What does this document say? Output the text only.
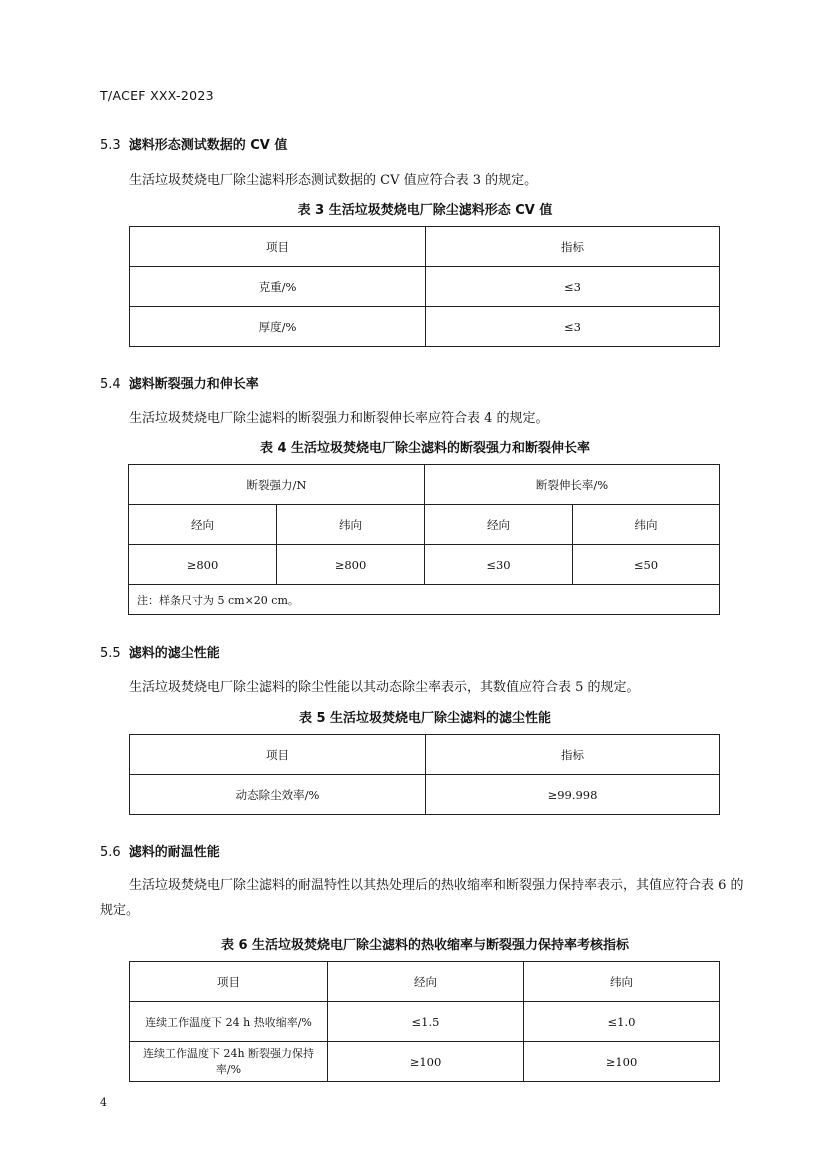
T/ACEF XXX-2023
5.3 滤料形态测试数据的 CV 值
生活垃圾焚烧电厂除尘滤料形态测试数据的 CV 值应符合表 3 的规定。
表 3 生活垃圾焚烧电厂除尘滤料形态 CV 值
项目	指标
克重/%	≤3
厚度/%	≤3
5.4 滤料断裂强力和伸长率
生活垃圾焚烧电厂除尘滤料的断裂强力和断裂伸长率应符合表 4 的规定。
表 4 生活垃圾焚烧电厂除尘滤料的断裂强力和断裂伸长率
断裂强力/N		断裂伸长率/%	
经向	纬向	经向	纬向
≥800	≥800	≤30	≤50
注：样条尺寸为 5 cm×20 cm。			
5.5 滤料的滤尘性能
生活垃圾焚烧电厂除尘滤料的除尘性能以其动态除尘率表示，其数值应符合表 5 的规定。
表 5 生活垃圾焚烧电厂除尘滤料的滤尘性能
项目	指标
动态除尘效率/%	≥99.998
5.6 滤料的耐温性能
生活垃圾焚烧电厂除尘滤料的耐温特性以其热处理后的热收缩率和断裂强力保持率表示，其值应符合表 6 的规定。
表 6 生活垃圾焚烧电厂除尘滤料的热收缩率与断裂强力保持率考核指标
项目	经向	纬向
连续工作温度下 24 h 热收缩率/%	≤1.5	≤1.0
连续工作温度下 24h 断裂强力保持率/%	≥100	≥100
4
